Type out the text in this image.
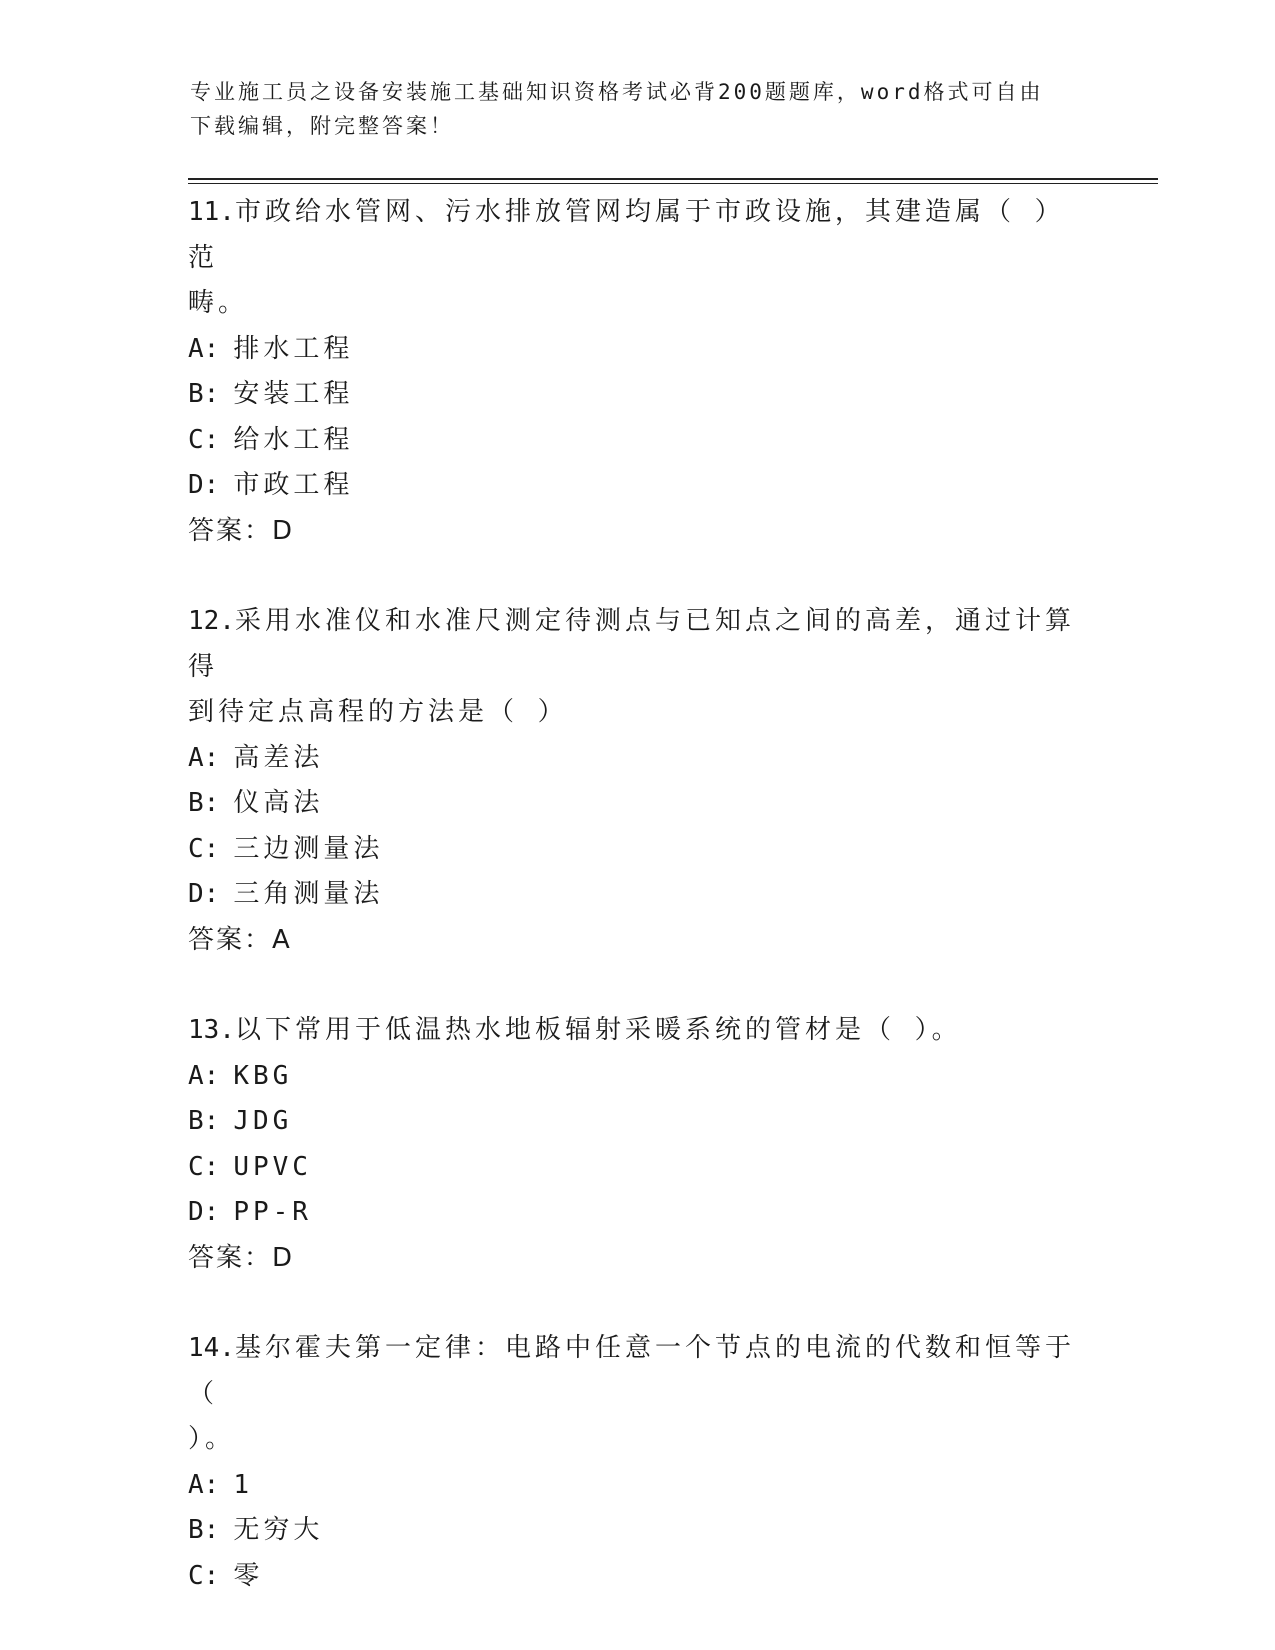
专业施工员之设备安装施工基础知识资格考试必背200题题库，word格式可自由
下载编辑，附完整答案！

11.市政给水管网、污水排放管网均属于市政设施，其建造属（ ）范

畴。

A: 排水工程

B: 安装工程

C: 给水工程

D: 市政工程

答案：D

12.采用水准仪和水准尺测定待测点与已知点之间的高差，通过计算得

到待定点高程的方法是（ ）

A: 高差法

B: 仪高法

C: 三边测量法

D: 三角测量法

答案：A

13.以下常用于低温热水地板辐射采暖系统的管材是（ ）。

A: KBG

B: JDG

C: UPVC

D: PP-R

答案：D

14.基尔霍夫第一定律：电路中任意一个节点的电流的代数和恒等于（

）。

A: 1

B: 无穷大

C: 零
